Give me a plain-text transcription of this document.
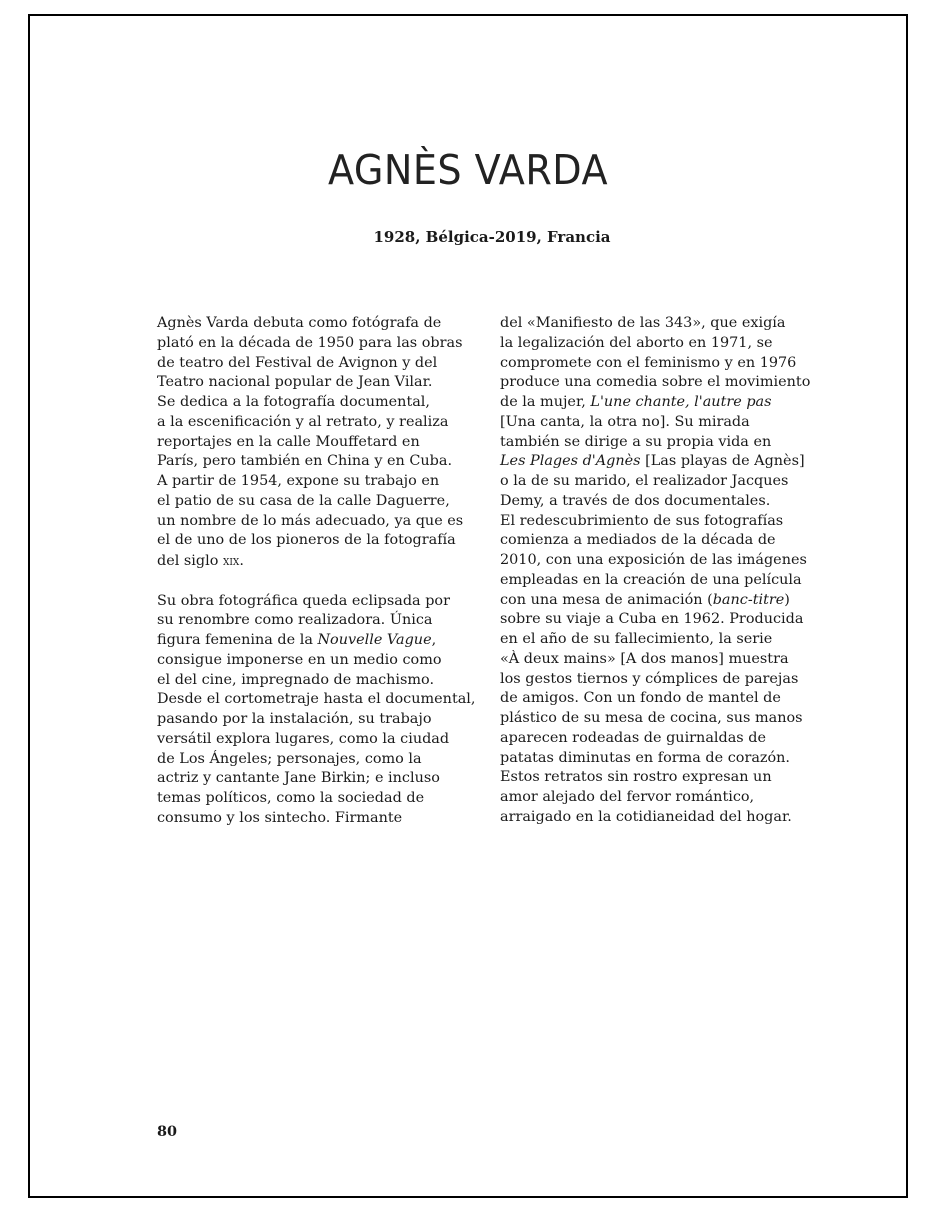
AGNÈS VARDA
1928, Bélgica-2019, Francia
Agnès Varda debuta como fotógrafa de
plató en la década de 1950 para las obras
de teatro del Festival de Avignon y del
Teatro nacional popular de Jean Vilar.
Se dedica a la fotografía documental,
a la escenificación y al retrato, y realiza
reportajes en la calle Mouffetard en
París, pero también en China y en Cuba.
A partir de 1954, expone su trabajo en
el patio de su casa de la calle Daguerre,
un nombre de lo más adecuado, ya que es
el de uno de los pioneros de la fotografía
del siglo xix.
Su obra fotográfica queda eclipsada por
su renombre como realizadora. Única
figura femenina de la Nouvelle Vague,
consigue imponerse en un medio como
el del cine, impregnado de machismo.
Desde el cortometraje hasta el documental,
pasando por la instalación, su trabajo
versátil explora lugares, como la ciudad
de Los Ángeles; personajes, como la
actriz y cantante Jane Birkin; e incluso
temas políticos, como la sociedad de
consumo y los sintecho. Firmante
del «Manifiesto de las 343», que exigía
la legalización del aborto en 1971, se
compromete con el feminismo y en 1976
produce una comedia sobre el movimiento
de la mujer, L'une chante, l'autre pas
[Una canta, la otra no]. Su mirada
también se dirige a su propia vida en
Les Plages d'Agnès [Las playas de Agnès]
o la de su marido, el realizador Jacques
Demy, a través de dos documentales.
El redescubrimiento de sus fotografías
comienza a mediados de la década de
2010, con una exposición de las imágenes
empleadas en la creación de una película
con una mesa de animación (banc-titre)
sobre su viaje a Cuba en 1962. Producida
en el año de su fallecimiento, la serie
«À deux mains» [A dos manos] muestra
los gestos tiernos y cómplices de parejas
de amigos. Con un fondo de mantel de
plástico de su mesa de cocina, sus manos
aparecen rodeadas de guirnaldas de
patatas diminutas en forma de corazón.
Estos retratos sin rostro expresan un
amor alejado del fervor romántico,
arraigado en la cotidianeidad del hogar.
80
